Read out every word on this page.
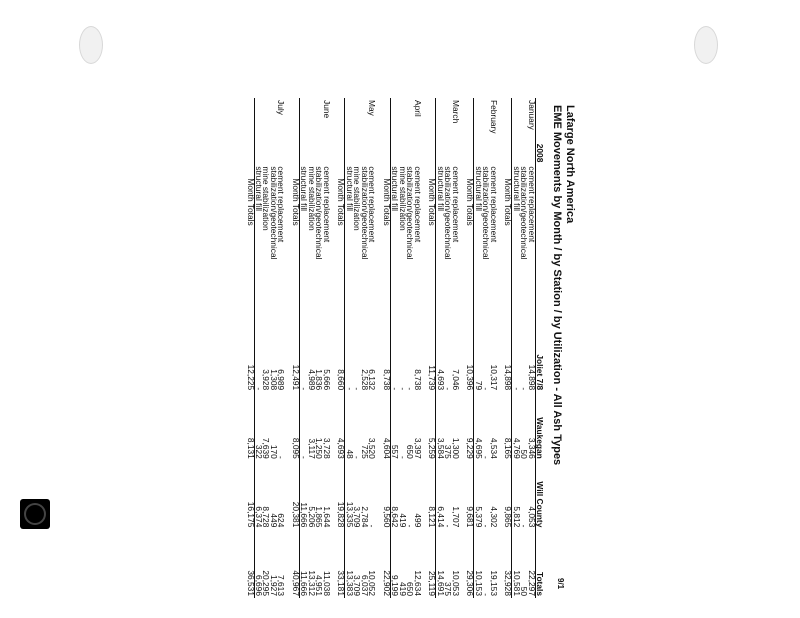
Lafarge North America
EME Movements by Month / by Station / by Utilization - All Ash Types
9/1
2008		Joliet 7/8	Waukegan	Will County	Totals
January	cement replacement	14,898	3,346	4,053	22,297
	stabilization/geotechnical	-	50	-	50
	structural fill	-	4,769	5,812	10,581
	Month Totals	14,898	8,165	9,865	32,928

February	cement replacement	10,317	4,534	4,302	19,153
	stabilization/geotechnical	-	-	-	-
	structural fill	79	4,695	5,379	10,153
	Month Totals	10,396	9,229	9,681	29,306

March	cement replacement	7,046	1,300	1,707	10,053
	stabilization/geotechnical	-	375	-	375
	structural fill	4,693	3,584	6,414	14,691
	Month Totals	11,739	5,259	8,121	25,119

April	cement replacement	8,738	3,397	499	12,634
	stabilization/geotechnical	-	650	-	650
	mine stabilization	-	-	419	419
	structural fill	-	557	8,642	9,199
	Month Totals	8,738	4,604	9,560	22,902

May	cement replacement	6,132	3,520	-	10,052
	stabilization/geotechnical	2,528	725	2,784	6,037
	mine stabilization	-	-	3,709	3,709
	structural fill	-	48	13,335	13,383
	Month Totals	8,660	4,693	19,828	33,181

June	cement replacement	5,666	3,728	1,644	11,038
	stabilization/geotechnical	1,836	1,250	1,865	4,951
	mine stabilization	4,989	3,117	5,206	13,312
	structural fill	-	-	11,666	11,666
	Month Totals	12,491	8,095	20,381	40,967

July	cement replacement	6,989	-	624	7,613
	stabilization/geotechnical	1,308	170	449	1,927
	mine stabilization	3,928	7,639	8,728	20,295
	structural fill	-	322	6,374	6,696
	Month Totals	12,225	8,131	16,175	36,531
